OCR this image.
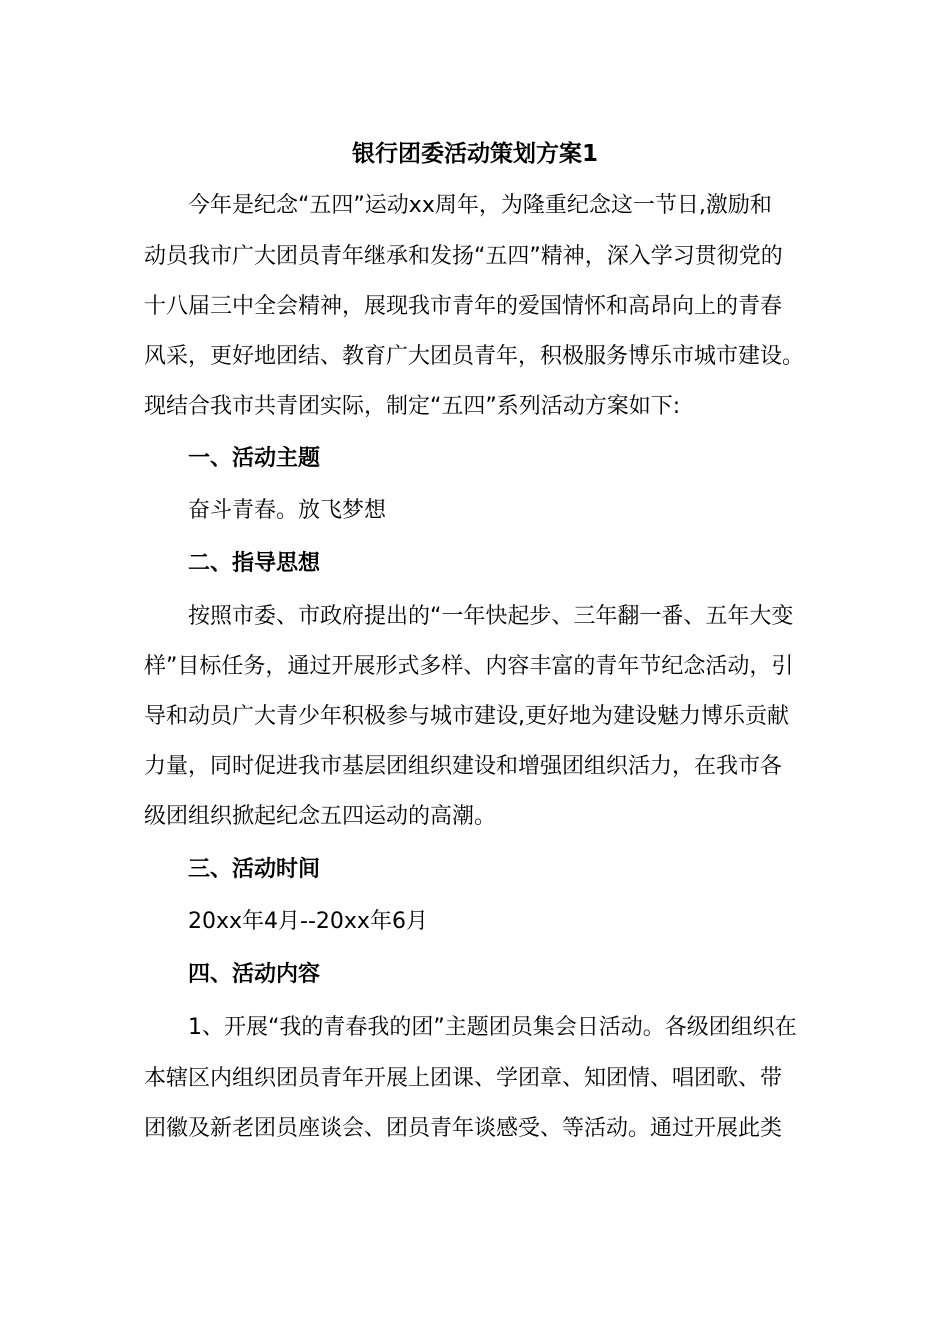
银行团委活动策划方案1
今年是纪念“五四”运动xx周年，为隆重纪念这一节日,激励和
动员我市广大团员青年继承和发扬“五四”精神，深入学习贯彻党的
十八届三中全会精神，展现我市青年的爱国情怀和高昂向上的青春
风采，更好地团结、教育广大团员青年，积极服务博乐市城市建设。
现结合我市共青团实际，制定“五四”系列活动方案如下:
一、活动主题
奋斗青春。放飞梦想
二、指导思想
按照市委、市政府提出的“一年快起步、三年翻一番、五年大变
样”目标任务，通过开展形式多样、内容丰富的青年节纪念活动，引
导和动员广大青少年积极参与城市建设,更好地为建设魅力博乐贡献
力量，同时促进我市基层团组织建设和增强团组织活力，在我市各
级团组织掀起纪念五四运动的高潮。
三、活动时间
20xx年4月--20xx年6月
四、活动内容
1、开展“我的青春我的团”主题团员集会日活动。各级团组织在
本辖区内组织团员青年开展上团课、学团章、知团情、唱团歌、带
团徽及新老团员座谈会、团员青年谈感受、等活动。通过开展此类
